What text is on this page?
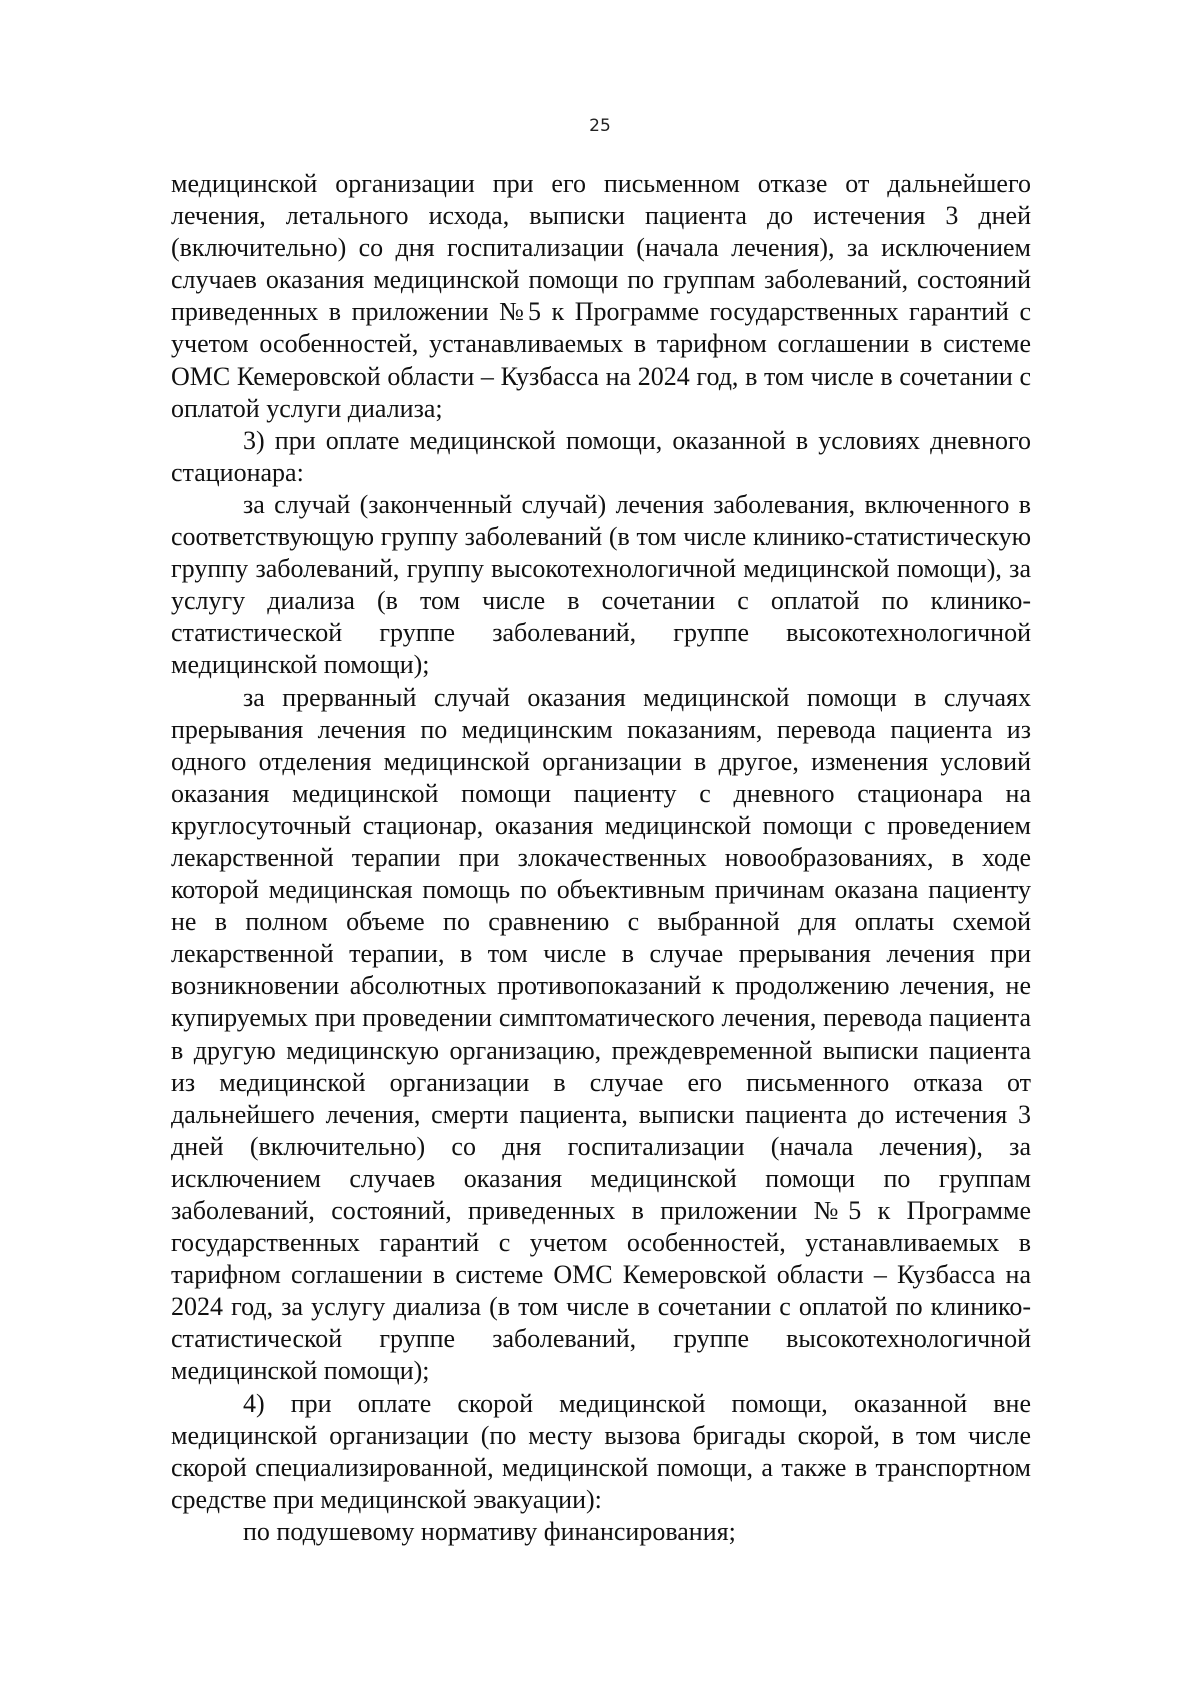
25

медицинской организации при его письменном отказе от дальнейшего лечения, летального исхода, выписки пациента до истечения 3 дней (включительно) со дня госпитализации (начала лечения), за исключением случаев оказания медицинской помощи по группам заболеваний, состояний приведенных в приложении №5 к Программе государственных гарантий с учетом особенностей, устанавливаемых в тарифном соглашении в системе ОМС Кемеровской области – Кузбасса на 2024 год, в том числе в сочетании с оплатой услуги диализа;

3) при оплате медицинской помощи, оказанной в условиях дневного стационара:

за случай (законченный случай) лечения заболевания, включенного в соответствующую группу заболеваний (в том числе клинико-статистическую группу заболеваний, группу высокотехнологичной медицинской помощи), за услугу диализа (в том числе в сочетании с оплатой по клинико-статистической группе заболеваний, группе высокотехнологичной медицинской помощи);

за прерванный случай оказания медицинской помощи в случаях прерывания лечения по медицинским показаниям, перевода пациента из одного отделения медицинской организации в другое, изменения условий оказания медицинской помощи пациенту с дневного стационара на круглосуточный стационар, оказания медицинской помощи с проведением лекарственной терапии при злокачественных новообразованиях, в ходе которой медицинская помощь по объективным причинам оказана пациенту не в полном объеме по сравнению с выбранной для оплаты схемой лекарственной терапии, в том числе в случае прерывания лечения при возникновении абсолютных противопоказаний к продолжению лечения, не купируемых при проведении симптоматического лечения, перевода пациента в другую медицинскую организацию, преждевременной выписки пациента из медицинской организации в случае его письменного отказа от дальнейшего лечения, смерти пациента, выписки пациента до истечения 3 дней (включительно) со дня госпитализации (начала лечения), за исключением случаев оказания медицинской помощи по группам заболеваний, состояний, приведенных в приложении №5 к Программе государственных гарантий с учетом особенностей, устанавливаемых в тарифном соглашении в системе ОМС Кемеровской области – Кузбасса на 2024 год, за услугу диализа (в том числе в сочетании с оплатой по клинико-статистической группе заболеваний, группе высокотехнологичной медицинской помощи);

4) при оплате скорой медицинской помощи, оказанной вне медицинской организации (по месту вызова бригады скорой, в том числе скорой специализированной, медицинской помощи, а также в транспортном средстве при медицинской эвакуации):

по подушевому нормативу финансирования;
